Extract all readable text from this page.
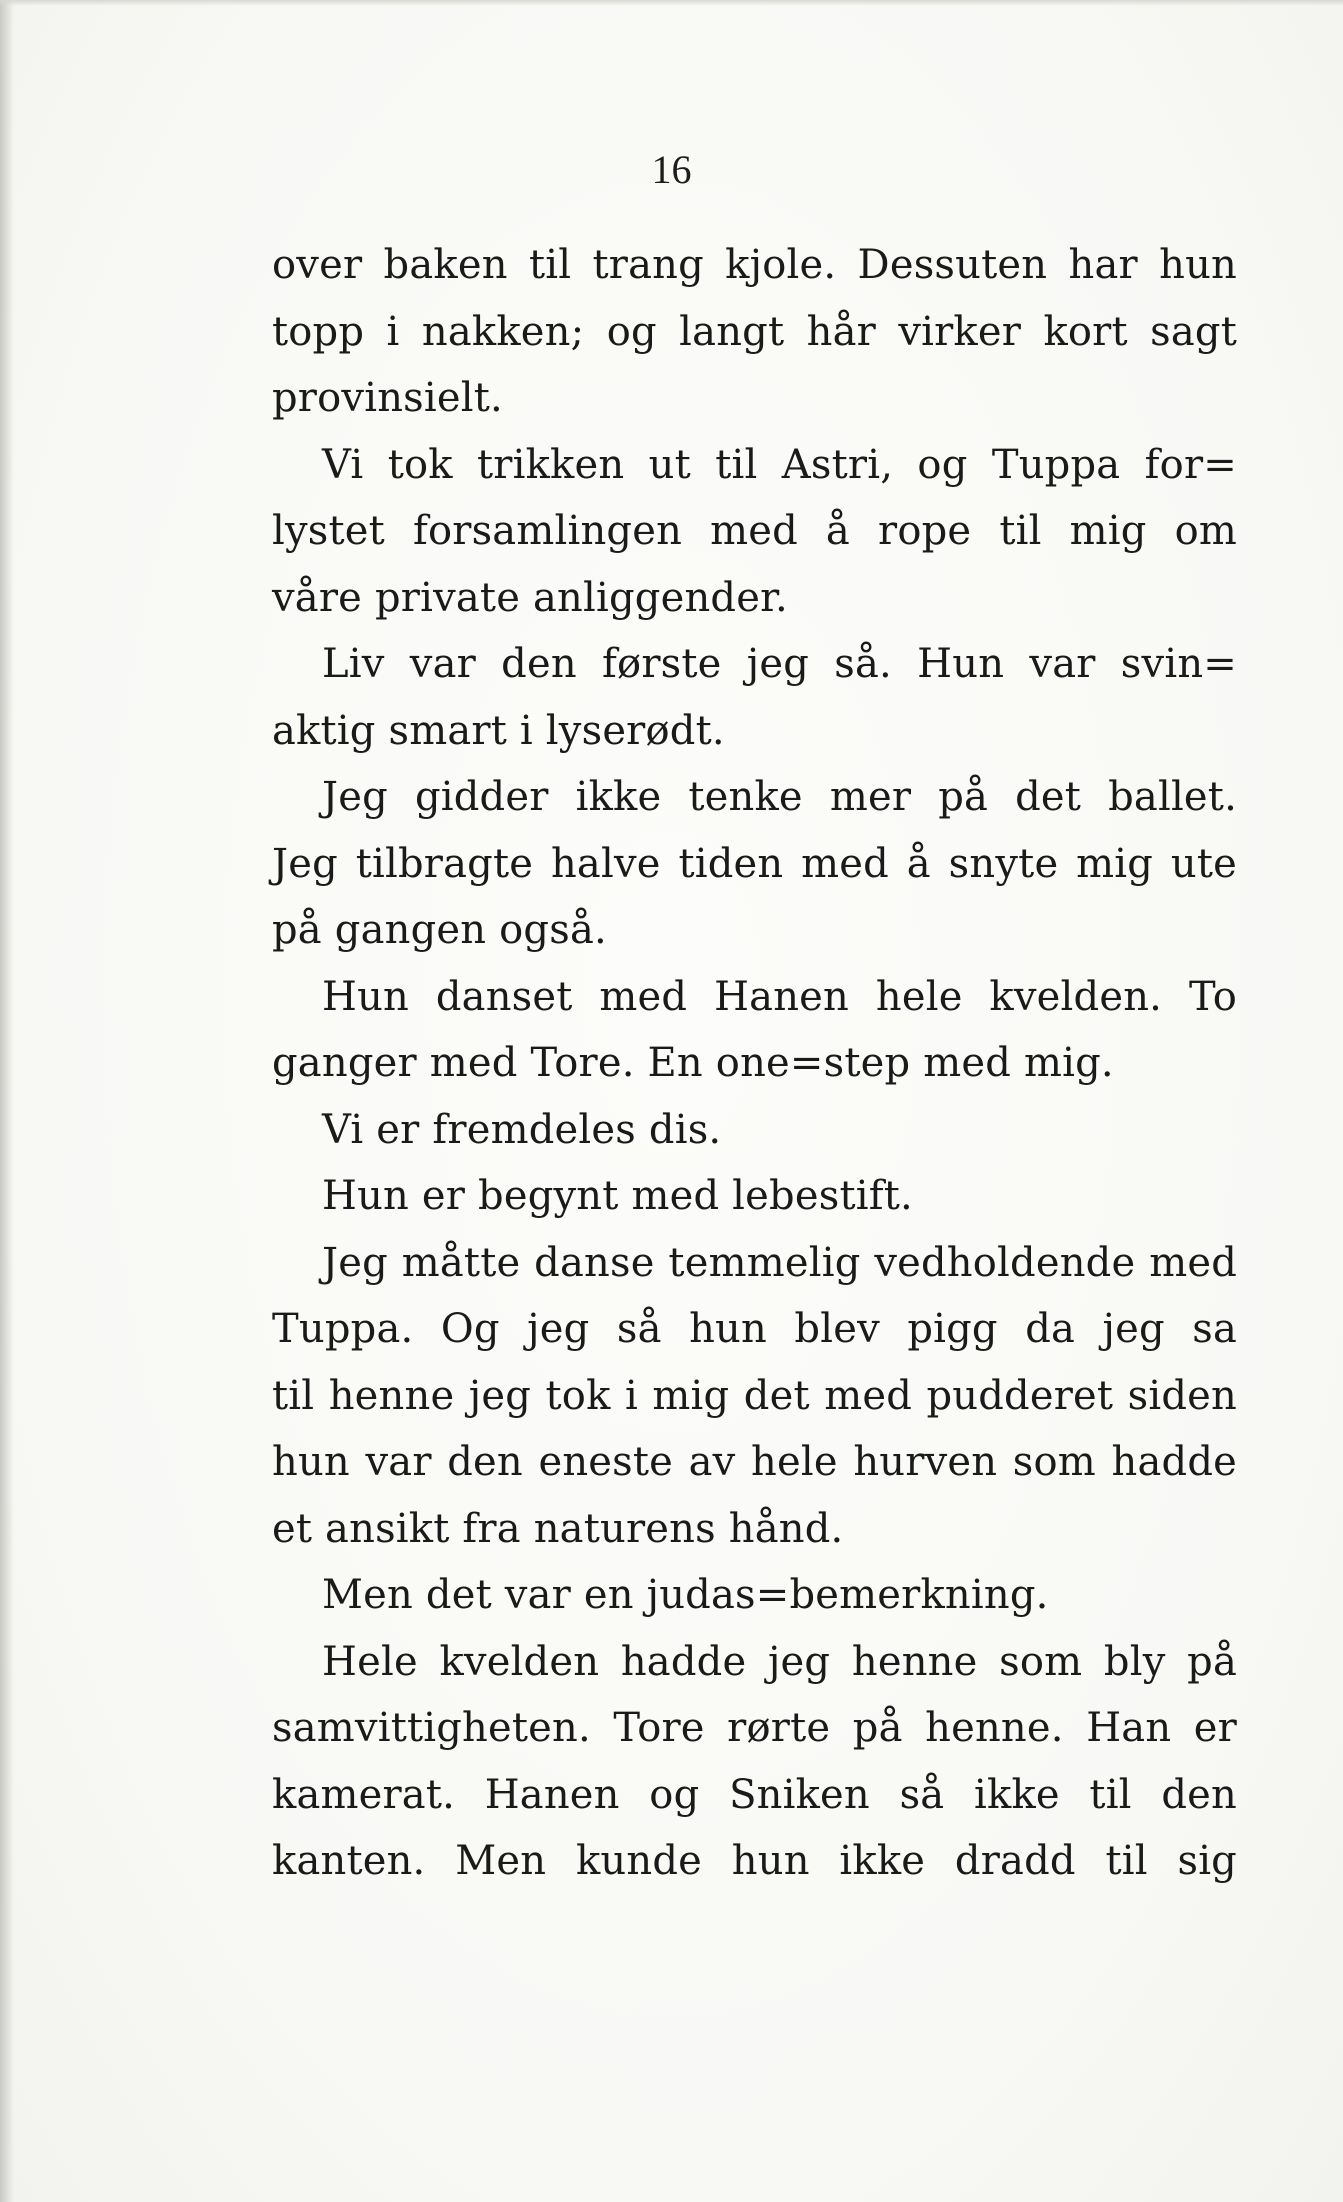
16
over baken til trang kjole. Dessuten har hun
topp i nakken; og langt hår virker kort sagt
provinsielt.
Vi tok trikken ut til Astri, og Tuppa for=
lystet forsamlingen med å rope til mig om
våre private anliggender.
Liv var den første jeg så. Hun var svin=
aktig smart i lyserødt.
Jeg gidder ikke tenke mer på det ballet.
Jeg tilbragte halve tiden med å snyte mig ute
på gangen også.
Hun danset med Hanen hele kvelden. To
ganger med Tore. En one=step med mig.
Vi er fremdeles dis.
Hun er begynt med lebestift.
Jeg måtte danse temmelig vedholdende med
Tuppa. Og jeg så hun blev pigg da jeg sa
til henne jeg tok i mig det med pudderet siden
hun var den eneste av hele hurven som hadde
et ansikt fra naturens hånd.
Men det var en judas=bemerkning.
Hele kvelden hadde jeg henne som bly på
samvittigheten. Tore rørte på henne. Han er
kamerat. Hanen og Sniken så ikke til den
kanten. Men kunde hun ikke dradd til sig
